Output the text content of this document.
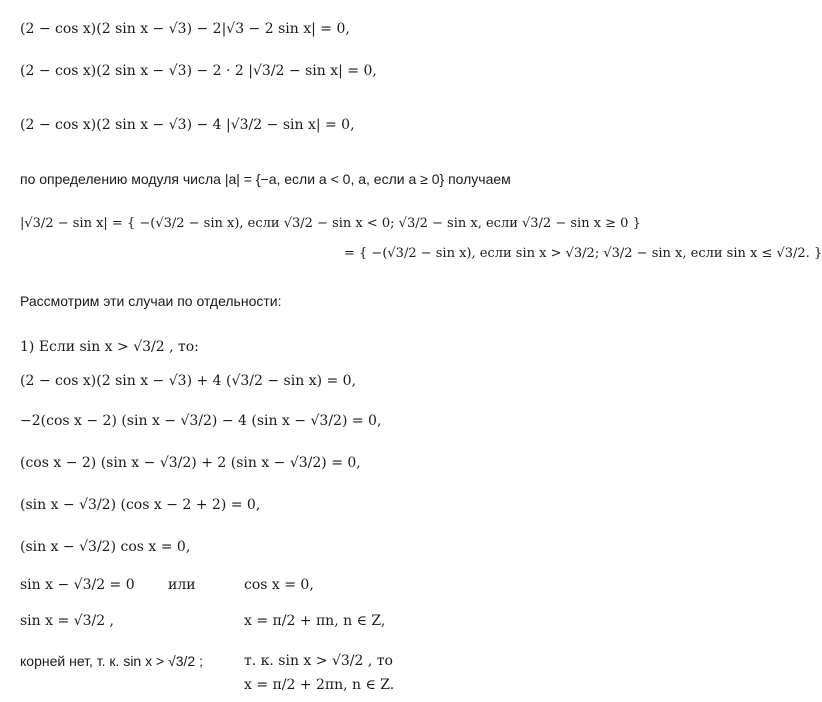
(2 − cos x)(2 sin x − √3) − 2|√3 − 2 sin x| = 0,
(2 − cos x)(2 sin x − √3) − 2 · 2 |√3/2 − sin x| = 0,
(2 − cos x)(2 sin x − √3) − 4 |√3/2 − sin x| = 0,
по определению модуля числа |a| = {−a, если a < 0, a, если a ≥ 0} получаем
|√3/2 − sin x| = { −(√3/2 − sin x), если √3/2 − sin x < 0; √3/2 − sin x, если √3/2 − sin x ≥ 0 }
= { −(√3/2 − sin x), если sin x > √3/2; √3/2 − sin x, если sin x ≤ √3/2. }
Рассмотрим эти случаи по отдельности:
1) Если sin x > √3/2 , то:
(2 − cos x)(2 sin x − √3) + 4 (√3/2 − sin x) = 0,
−2(cos x − 2) (sin x − √3/2) − 4 (sin x − √3/2) = 0,
(cos x − 2) (sin x − √3/2) + 2 (sin x − √3/2) = 0,
(sin x − √3/2) (cos x − 2 + 2) = 0,
(sin x − √3/2) cos x = 0,
sin x − √3/2 = 0 или	cos x = 0,
sin x = √3/2 ,	x = π/2 + πn, n ∈ Z,
корней нет, т. к. sin x > √3/2 ;	т. к. sin x > √3/2 , то
x = π/2 + 2πn, n ∈ Z.
